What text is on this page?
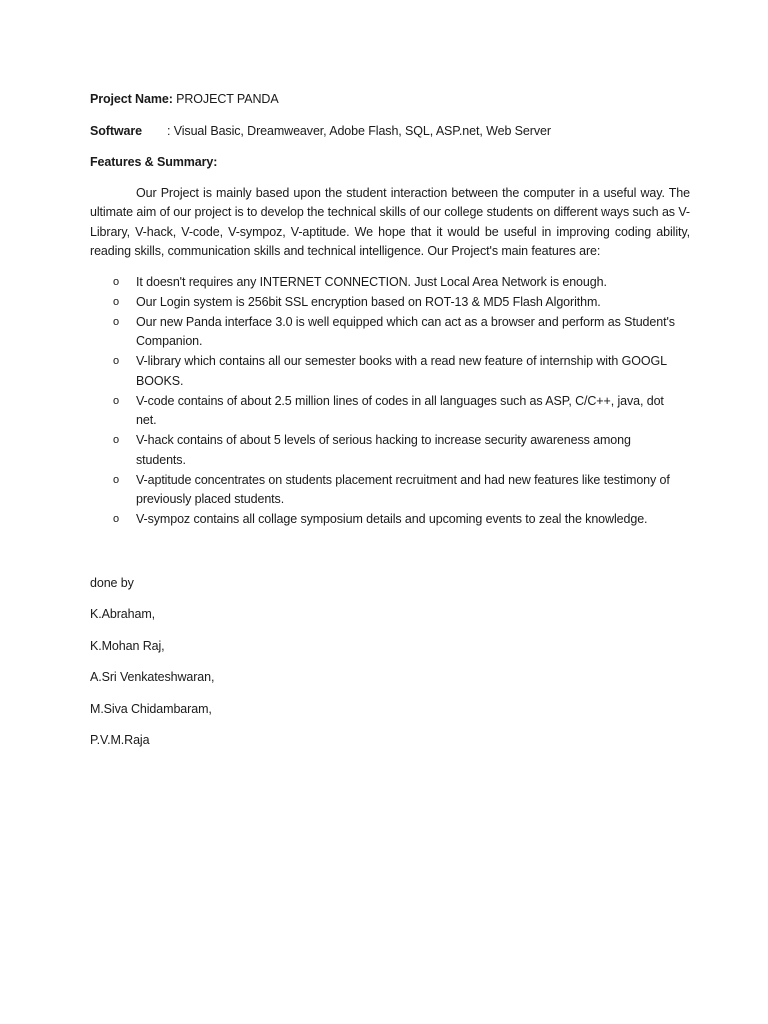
Project Name: PROJECT PANDA

Software	: Visual Basic, Dreamweaver, Adobe Flash, SQL, ASP.net, Web Server

Features & Summary:

Our Project is mainly based upon the student interaction between the computer in a useful way. The ultimate aim of our project is to develop the technical skills of our college students on different ways such as V-Library, V-hack, V-code, V-sympoz, V-aptitude. We hope that it would be useful in improving coding ability, reading skills, communication skills and technical intelligence. Our Project's main features are:

o	It doesn't requires any INTERNET CONNECTION. Just Local Area Network is enough.
o	Our Login system is 256bit SSL encryption based on ROT-13 & MD5 Flash Algorithm.
o	Our new Panda interface 3.0 is well equipped which can act as a browser and perform as Student's Companion.
o	V-library which contains all our semester books with a read new feature of internship with GOOGL BOOKS.
o	V-code contains of about 2.5 million lines of codes in all languages such as ASP, C/C++, java, dot net.
o	V-hack contains of about 5 levels of serious hacking to increase security awareness among students.
o	V-aptitude concentrates on students placement recruitment and had new features like testimony of previously placed students.
o	V-sympoz contains all collage symposium details and upcoming events to zeal the knowledge.

done by

K.Abraham,

K.Mohan Raj,

A.Sri Venkateshwaran,

M.Siva Chidambaram,

P.V.M.Raja
